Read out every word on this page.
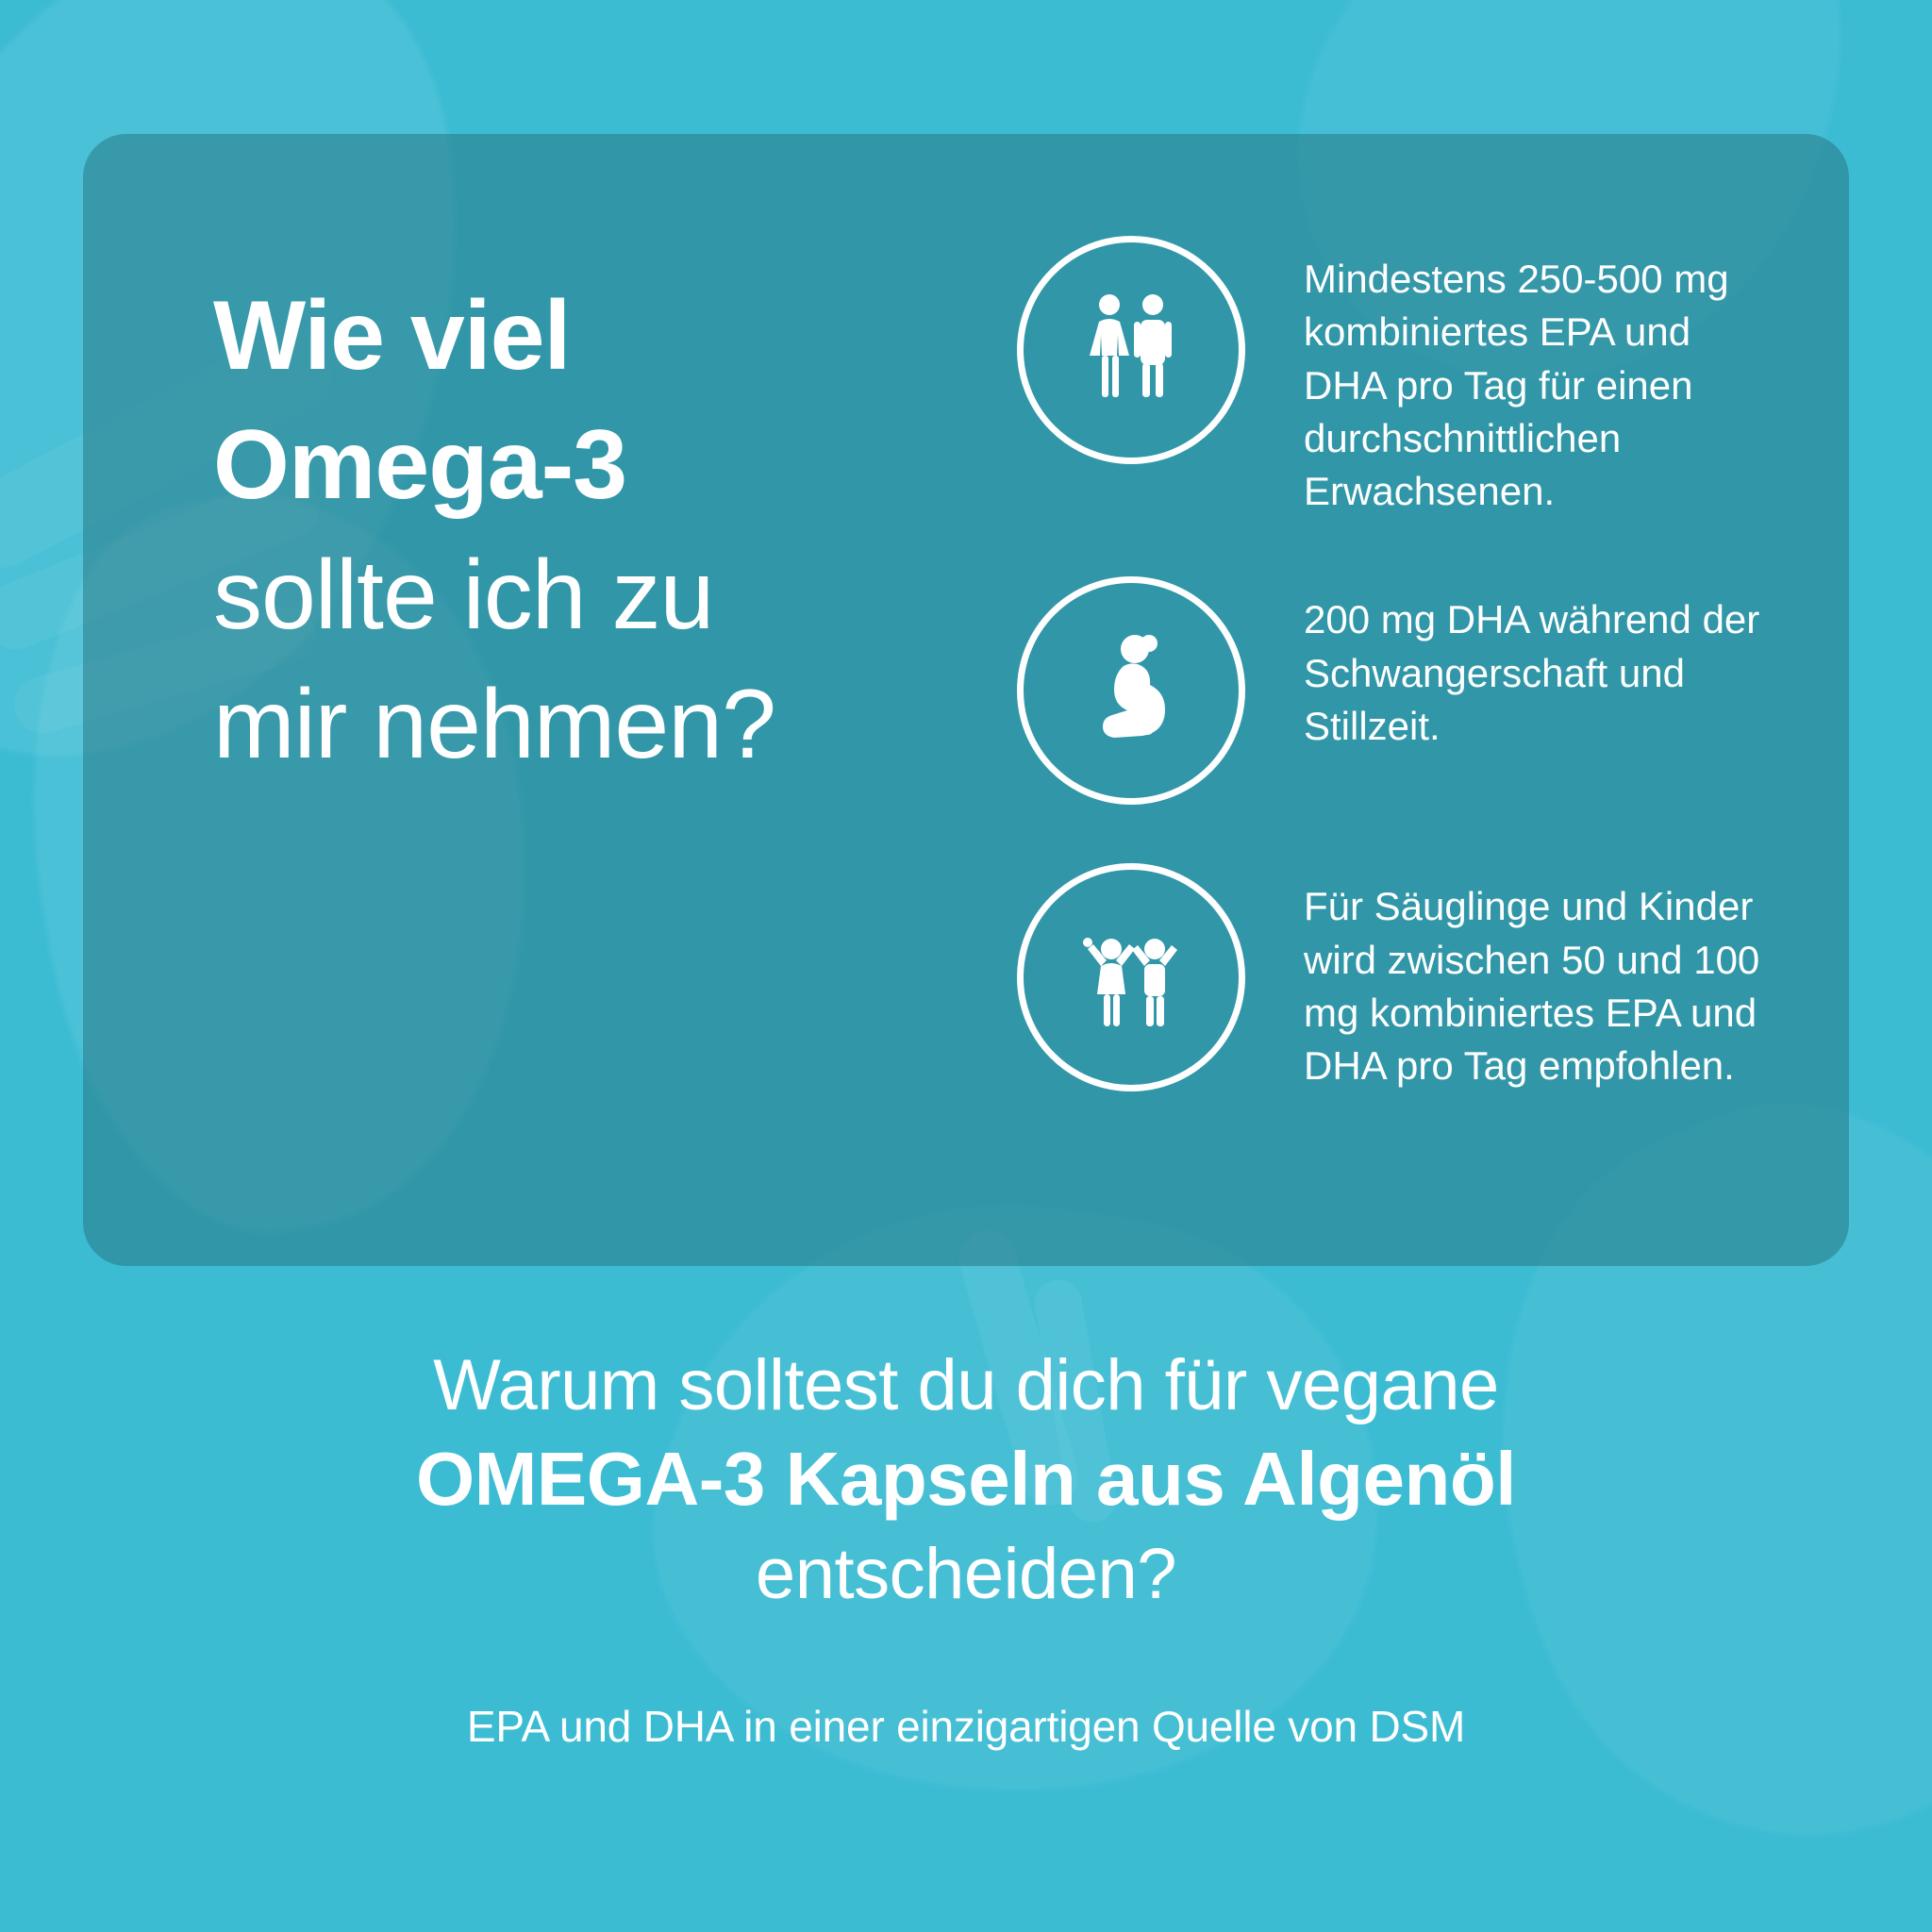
Wie viel
Omega-3
sollte ich zu
mir nehmen?
Mindestens 250-500 mg kombiniertes EPA und DHA pro Tag für einen durchschnittlichen Erwachsenen.
200 mg DHA während der Schwangerschaft und Stillzeit.
Für Säuglinge und Kinder wird zwischen 50 und 100 mg kombiniertes EPA und DHA pro Tag empfohlen.
Warum solltest du dich für vegane
OMEGA-3 Kapseln aus Algenöl
entscheiden?
EPA und DHA in einer einzigartigen Quelle von DSM
